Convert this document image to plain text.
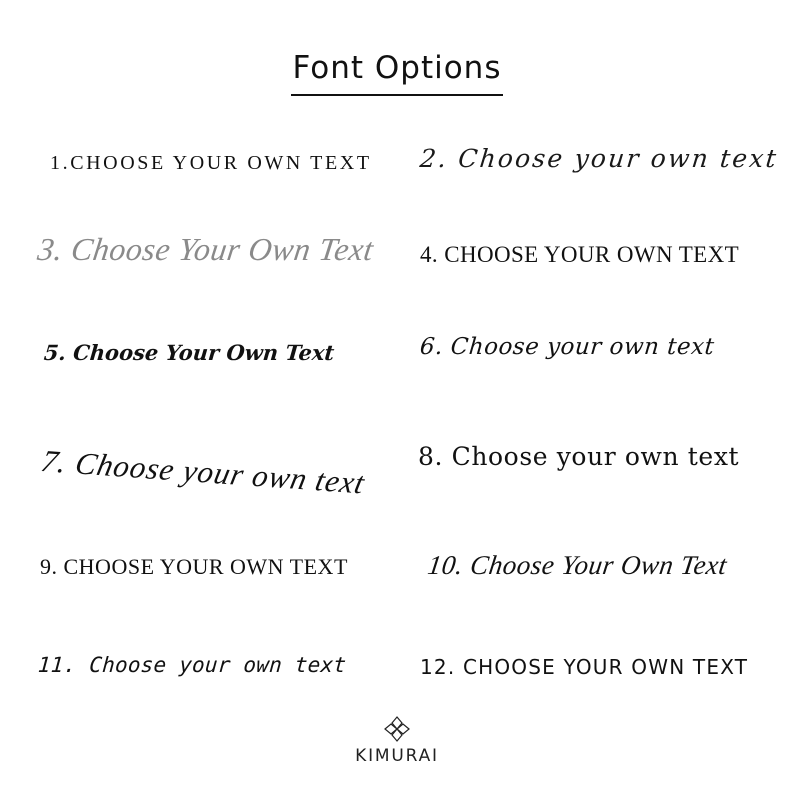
Font Options
1.CHOOSE YOUR OWN TEXT 2. Choose your own text
3. Choose Your Own Text 4. CHOOSE YOUR OWN TEXT
5. Choose Your Own Text	6. Choose your own text
7. Choose your own text 8. Choose your own text
9. CHOOSE YOUR OWN TEXT	10. Choose Your Own Text
11. Choose your own text	12. CHOOSE YOUR OWN TEXT
KIMURAI
